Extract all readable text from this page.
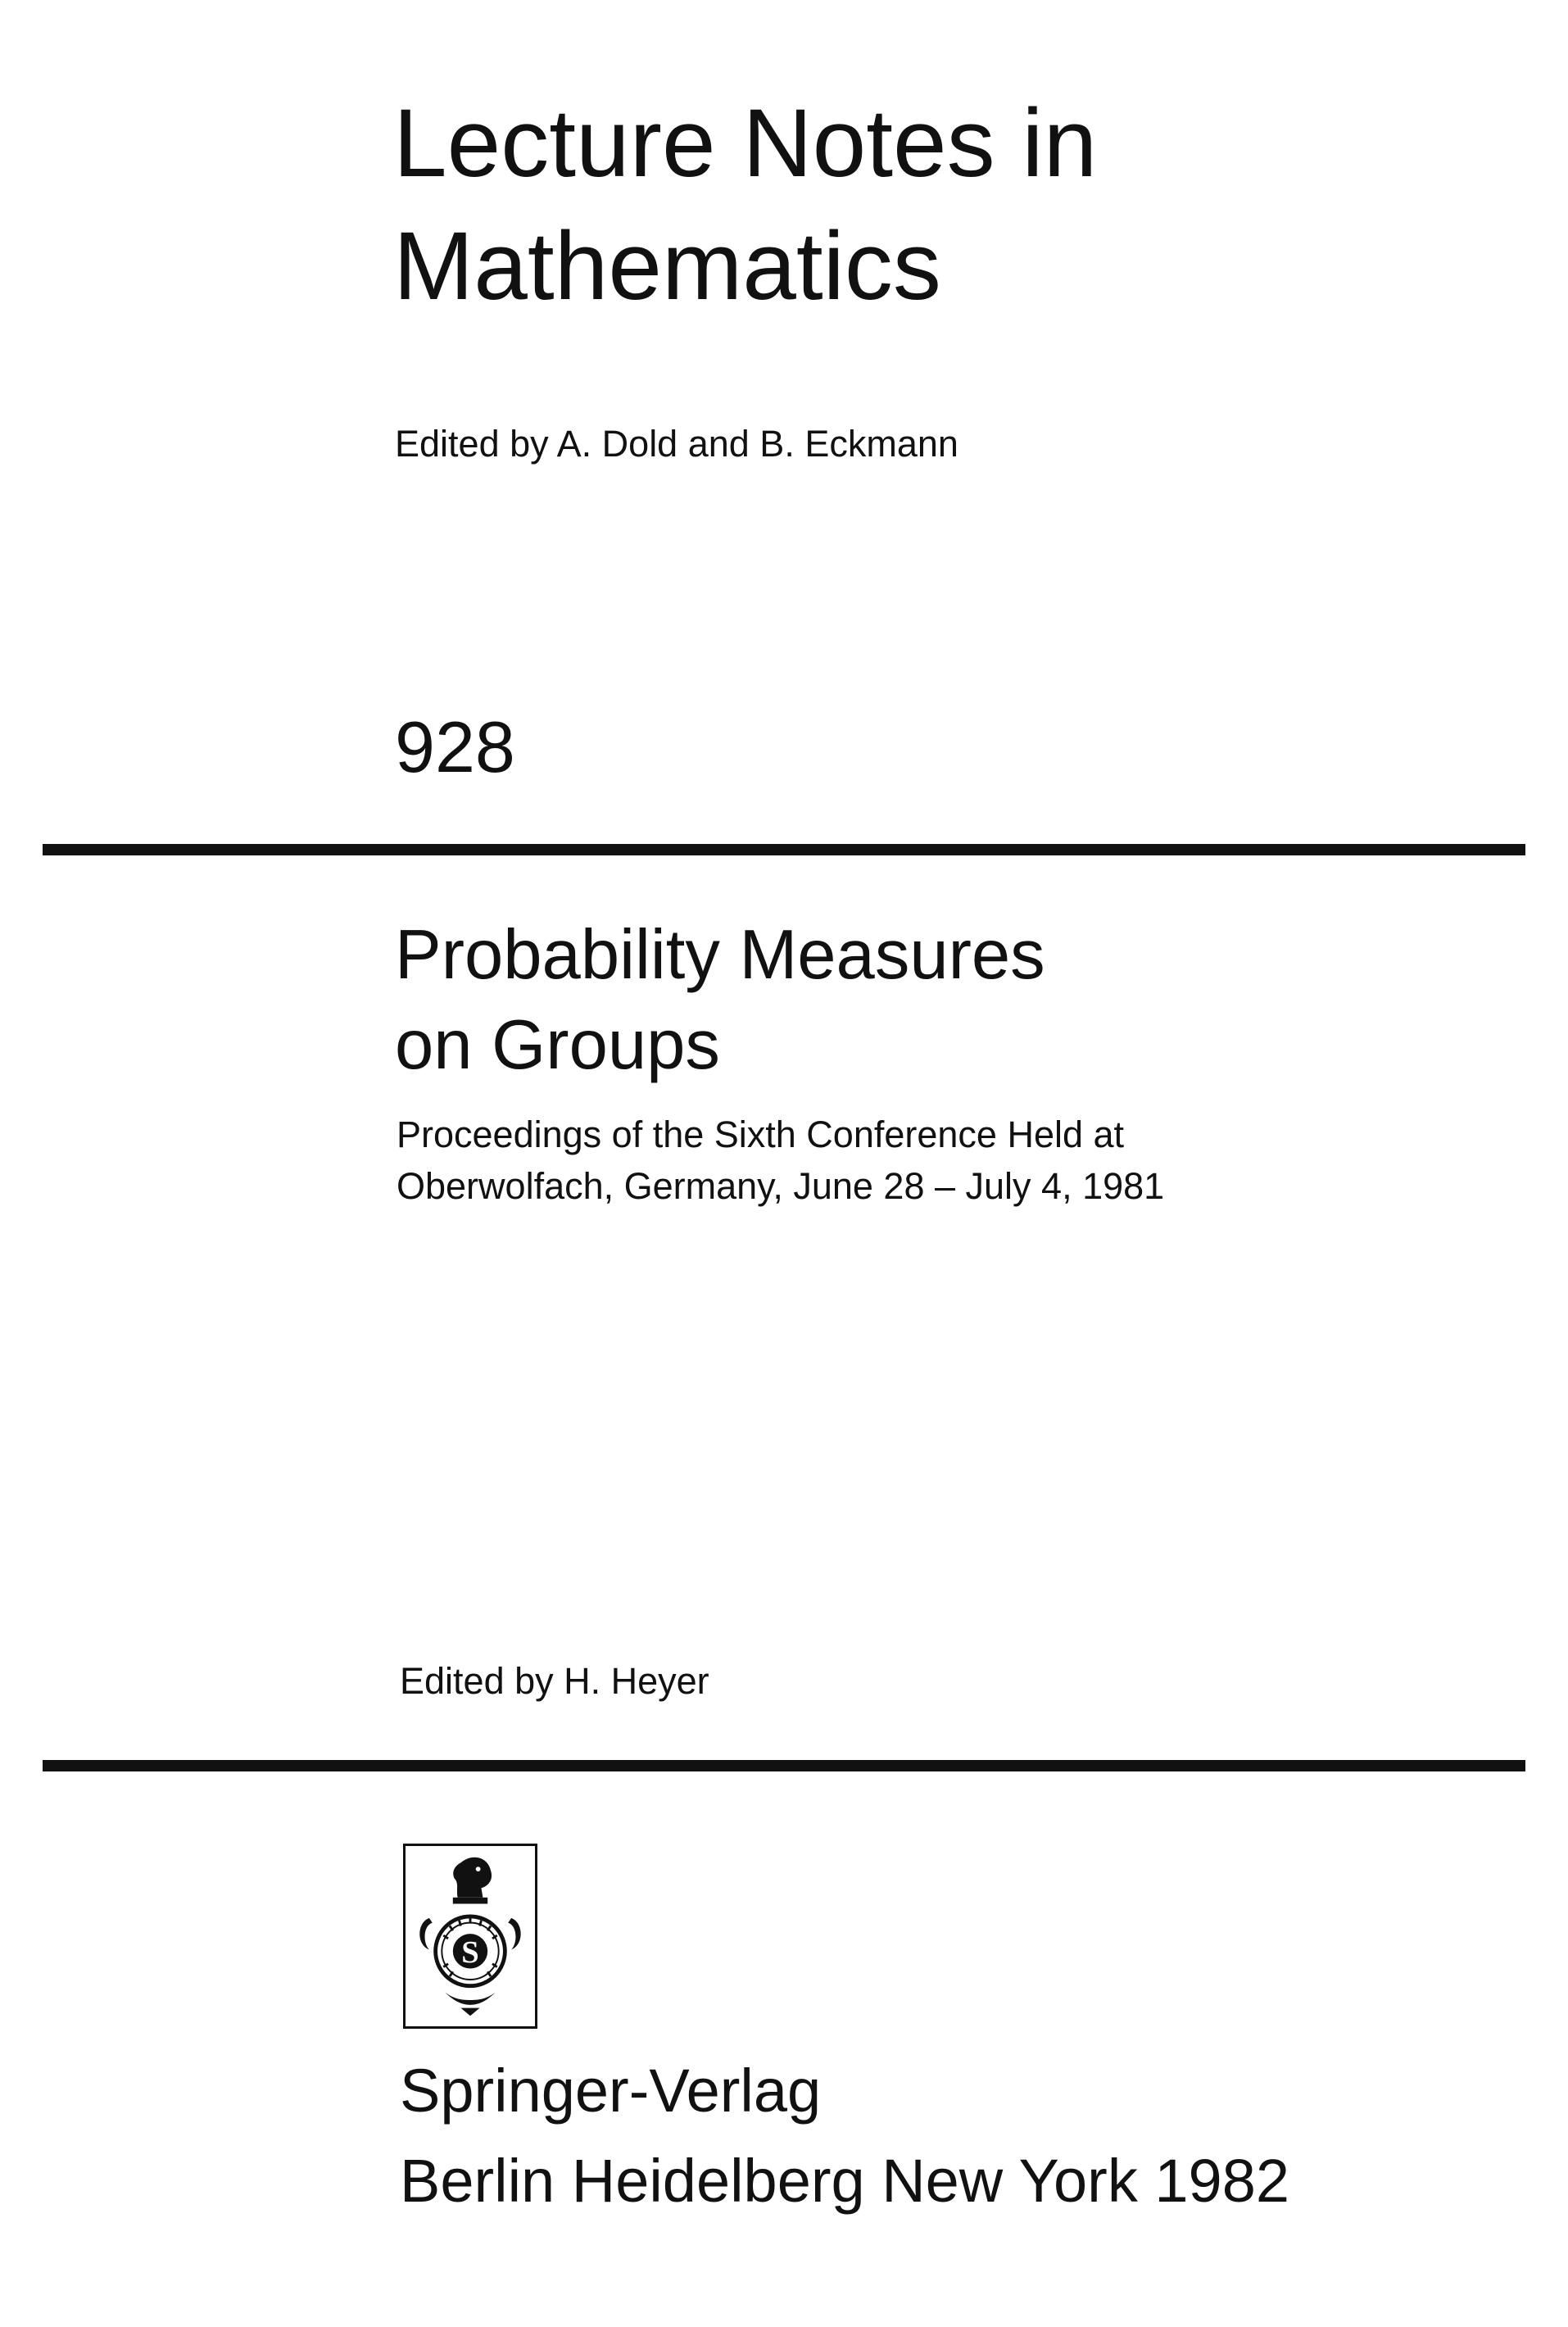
Lecture Notes in
Mathematics
Edited by A. Dold and B. Eckmann
928
Probability Measures
on Groups
Proceedings of the Sixth Conference Held at
Oberwolfach, Germany, June 28 – July 4, 1981
Edited by H. Heyer
S
Springer-Verlag
Berlin Heidelberg New York 1982
